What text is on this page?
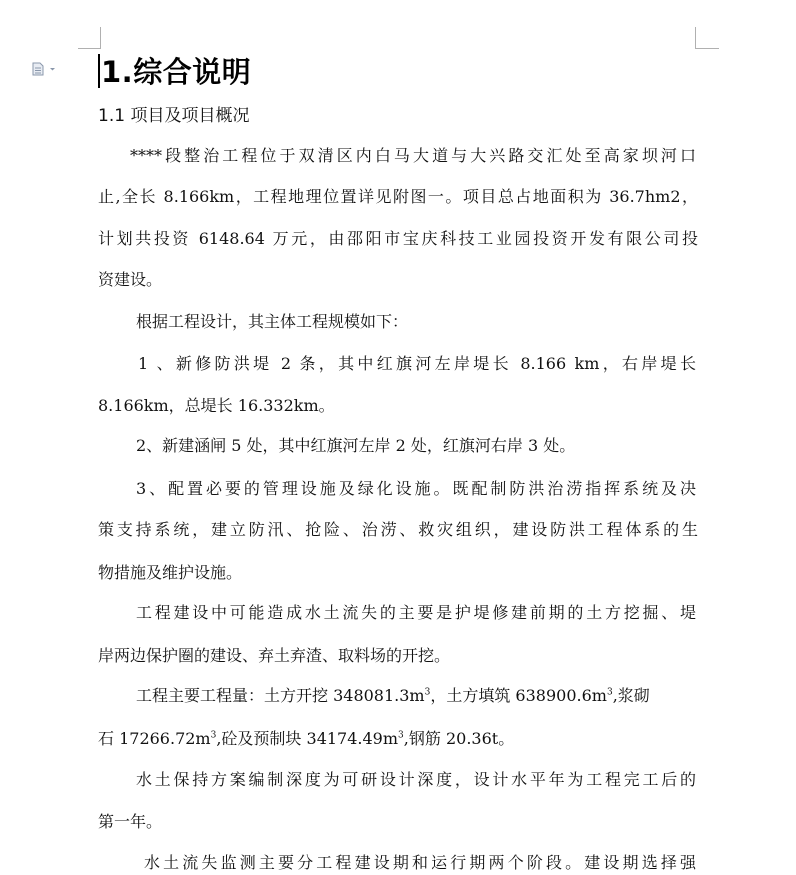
1.综合说明
1.1 项目及项目概况
****段整治工程位于双清区内白马大道与大兴路交汇处至高家坝河口
止,全长 8.166km，工程地理位置详见附图一。项目总占地面积为 36.7hm2，
计划共投资 6148.64 万元，由邵阳市宝庆科技工业园投资开发有限公司投
资建设。
根据工程设计，其主体工程规模如下：
1 、新修防洪堤 2 条，其中红旗河左岸堤长 8.166 km，右岸堤长
8.166km，总堤长 16.332km。
2、新建涵闸 5 处，其中红旗河左岸 2 处，红旗河右岸 3 处。
3、配置必要的管理设施及绿化设施。既配制防洪治涝指挥系统及决
策支持系统，建立防汛、抢险、治涝、救灾组织，建设防洪工程体系的生
物措施及维护设施。
工程建设中可能造成水土流失的主要是护堤修建前期的土方挖掘、堤
岸两边保护圈的建设、弃土弃渣、取料场的开挖。
工程主要工程量：土方开挖 $348081.3m^3$，土方填筑 $638900.6m^3$,浆砌
石 $17266.72m^3$,砼及预制块 $34174.49m^3$,钢筋 20.36t。
水土保持方案编制深度为可研设计深度，设计水平年为工程完工后的
第一年。
水土流失监测主要分工程建设期和运行期两个阶段。建设期选择强
